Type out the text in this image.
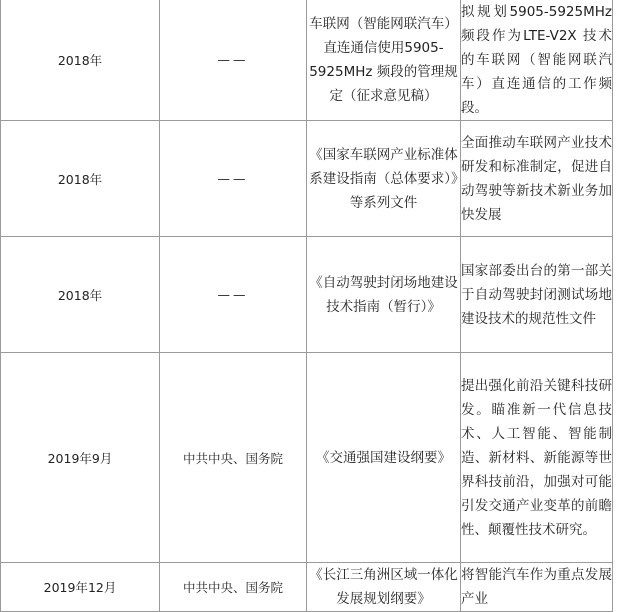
2018年	——	车联网（智能网联汽车）直连通信使用5905-5925MHz 频段的管理规定（征求意见稿）	拟规划5905-5925MHz 频段作为LTE-V2X 技术的车联网（智能网联汽车）直连通信的工作频段。
2018年	——	《国家车联网产业标准体系建设指南（总体要求）》等系列文件	全面推动车联网产业技术研发和标准制定，促进自动驾驶等新技术新业务加快发展
2018年	——	《自动驾驶封闭场地建设技术指南（暂行）》	国家部委出台的第一部关于自动驾驶封闭测试场地建设技术的规范性文件
2019年9月	中共中央、国务院	《交通强国建设纲要》	提出强化前沿关键科技研发。瞄准新一代信息技术、人工智能、智能制造、新材料、新能源等世界科技前沿，加强对可能引发交通产业变革的前瞻性、颠覆性技术研究。
2019年12月	中共中央、国务院	《长江三角洲区域一体化发展规划纲要》	将智能汽车作为重点发展产业
